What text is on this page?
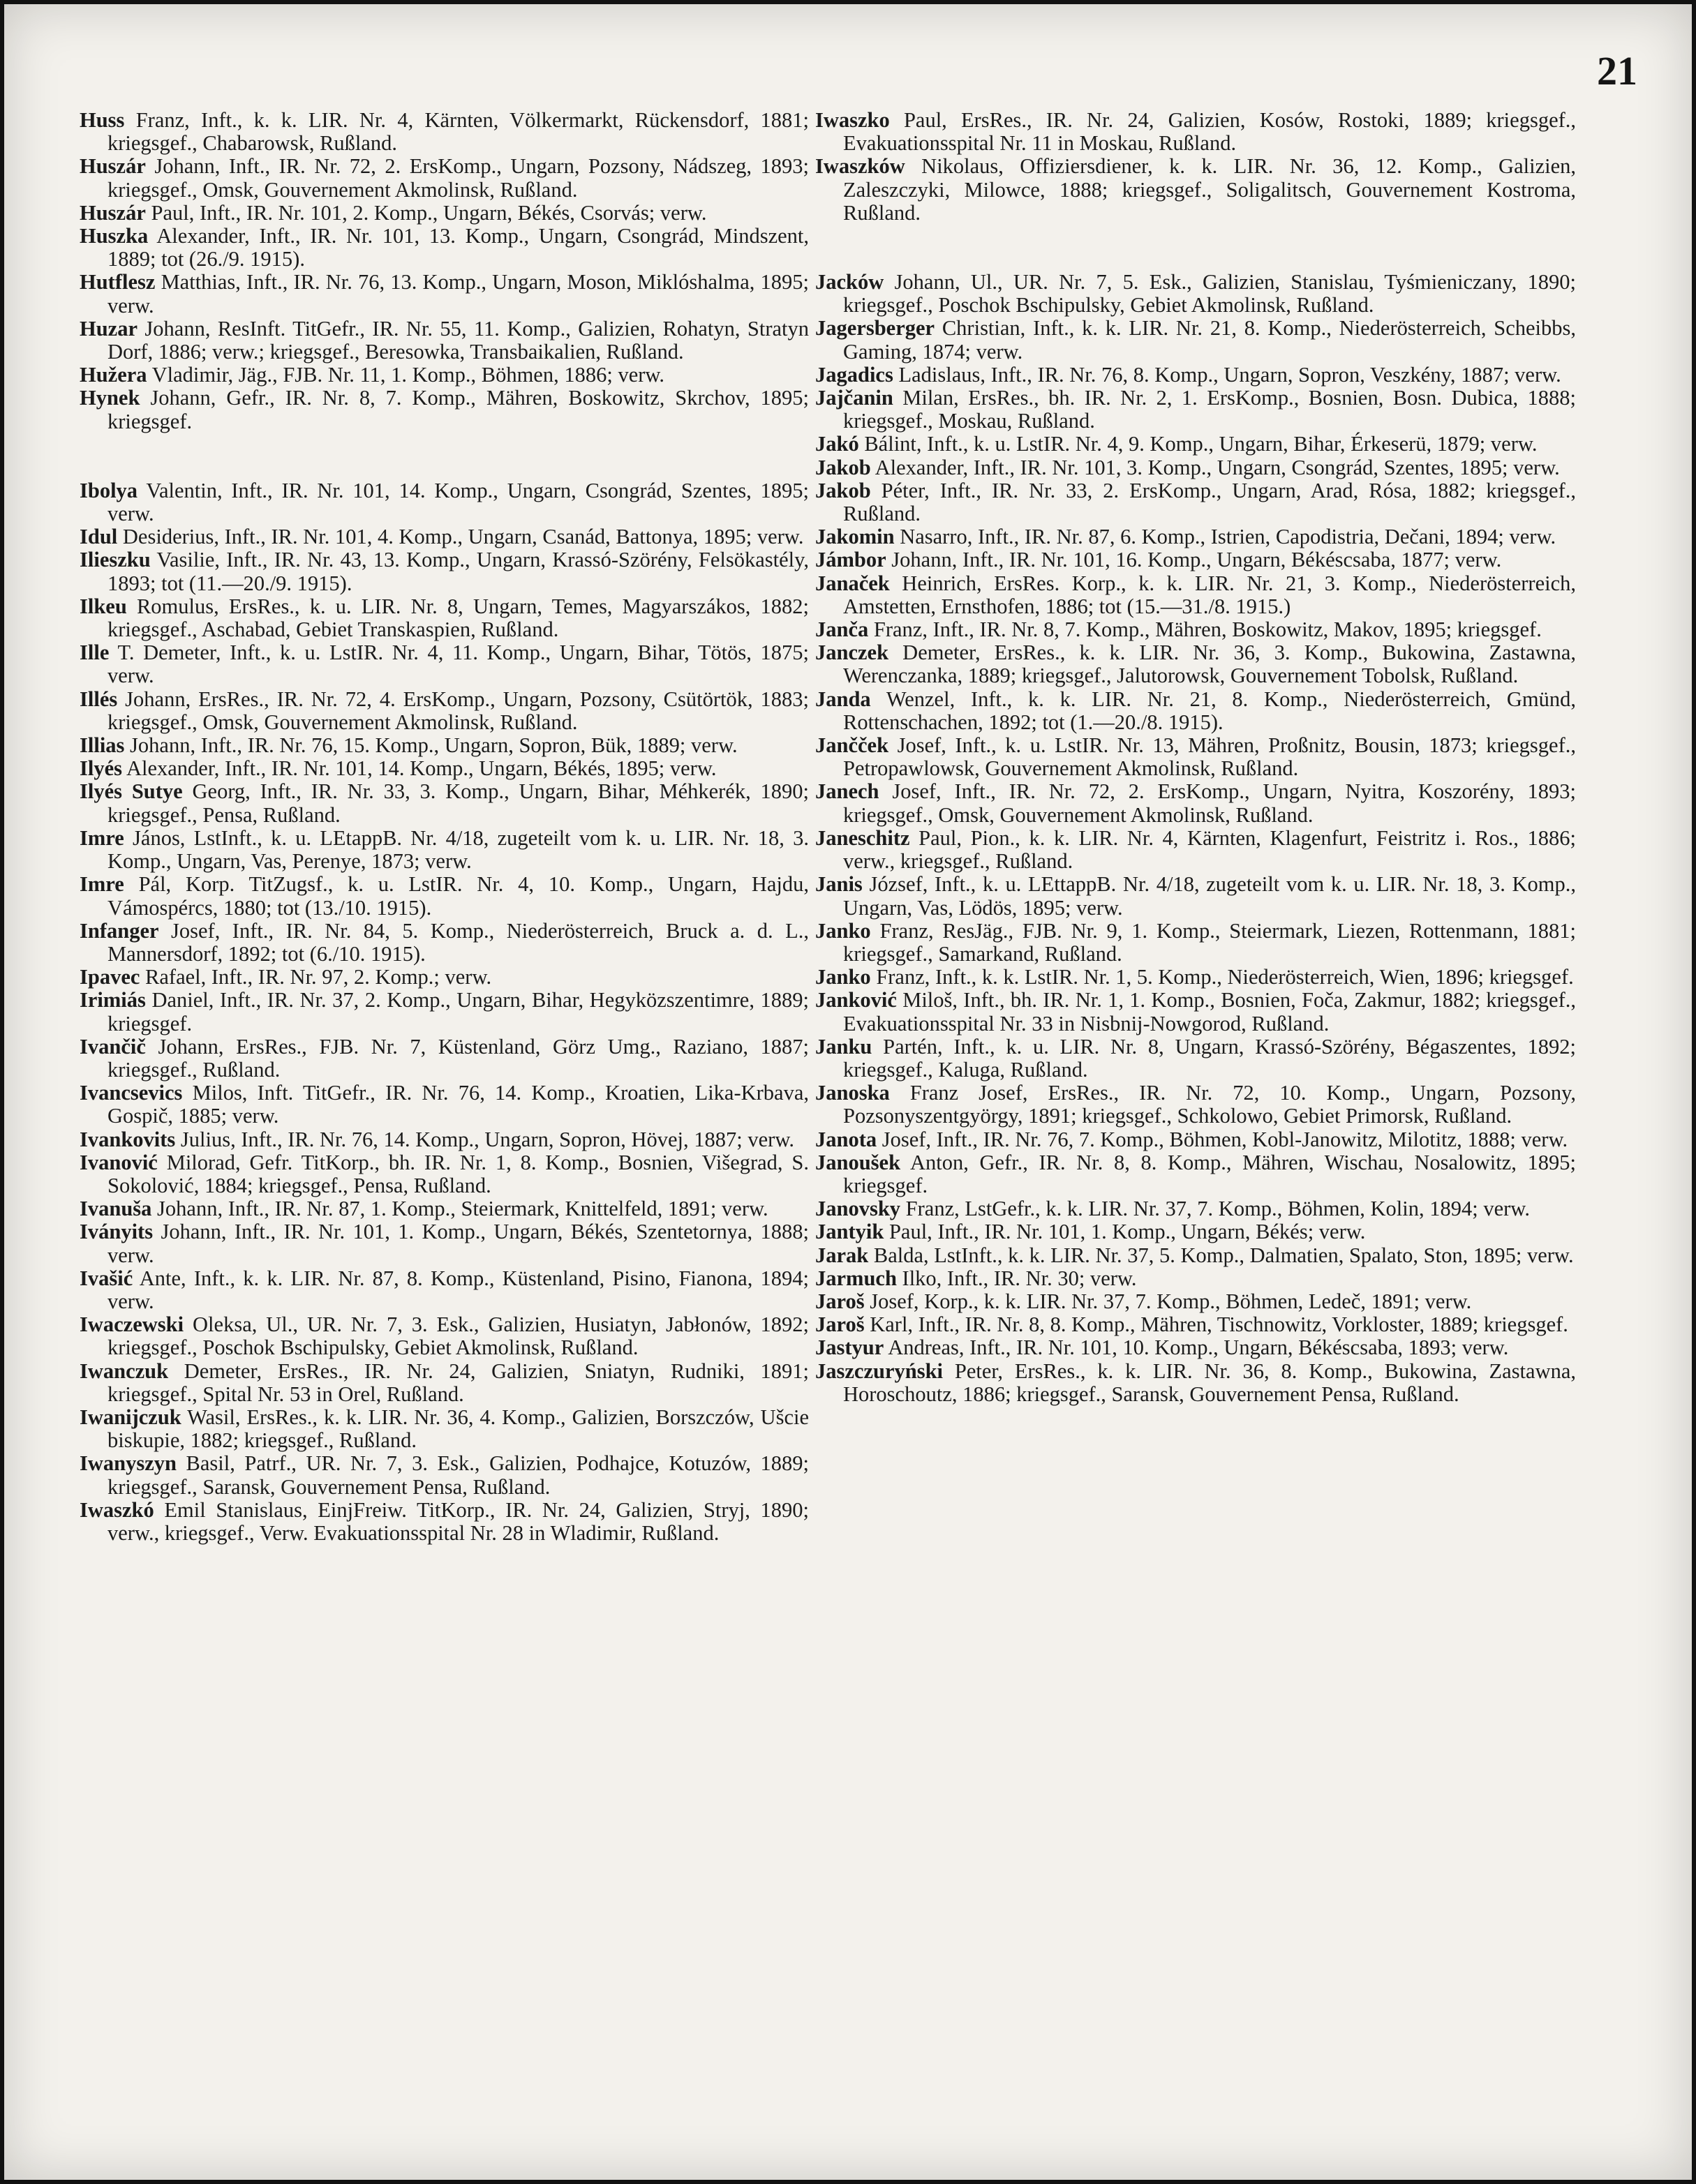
21
Huss Franz, Inft., k. k. LIR. Nr. 4, Kärnten, Völkermarkt, Rückensdorf, 1881; kriegsgef., Chabarowsk, Rußland.
Huszár Johann, Inft., IR. Nr. 72, 2. ErsKomp., Ungarn, Pozsony, Nádszeg, 1893; kriegsgef., Omsk, Gouvernement Akmolinsk, Rußland.
Huszár Paul, Inft., IR. Nr. 101, 2. Komp., Ungarn, Békés, Csorvás; verw.
Huszka Alexander, Inft., IR. Nr. 101, 13. Komp., Ungarn, Csongrád, Mindszent, 1889; tot (26./9. 1915).
Hutflesz Matthias, Inft., IR. Nr. 76, 13. Komp., Ungarn, Moson, Miklóshalma, 1895; verw.
Huzar Johann, ResInft. TitGefr., IR. Nr. 55, 11. Komp., Galizien, Rohatyn, Stratyn Dorf, 1886; verw.; kriegsgef., Beresowka, Transbaikalien, Rußland.
Hužera Vladimir, Jäg., FJB. Nr. 11, 1. Komp., Böhmen, 1886; verw.
Hynek Johann, Gefr., IR. Nr. 8, 7. Komp., Mähren, Boskowitz, Skrchov, 1895; kriegsgef.
Ibolya Valentin, Inft., IR. Nr. 101, 14. Komp., Ungarn, Csongrád, Szentes, 1895; verw.
Idul Desiderius, Inft., IR. Nr. 101, 4. Komp., Ungarn, Csanád, Battonya, 1895; verw.
Ilieszku Vasilie, Inft., IR. Nr. 43, 13. Komp., Ungarn, Krassó-Szörény, Felsökastély, 1893; tot (11.—20./9. 1915).
Ilkeu Romulus, ErsRes., k. u. LIR. Nr. 8, Ungarn, Temes, Magyarszákos, 1882; kriegsgef., Aschabad, Gebiet Transkaspien, Rußland.
Ille T. Demeter, Inft., k. u. LstIR. Nr. 4, 11. Komp., Ungarn, Bihar, Tötös, 1875; verw.
Illés Johann, ErsRes., IR. Nr. 72, 4. ErsKomp., Ungarn, Pozsony, Csütörtök, 1883; kriegsgef., Omsk, Gouvernement Akmolinsk, Rußland.
Illias Johann, Inft., IR. Nr. 76, 15. Komp., Ungarn, Sopron, Bük, 1889; verw.
Ilyés Alexander, Inft., IR. Nr. 101, 14. Komp., Ungarn, Békés, 1895; verw.
Ilyés Sutye Georg, Inft., IR. Nr. 33, 3. Komp., Ungarn, Bihar, Méhkerék, 1890; kriegsgef., Pensa, Rußland.
Imre János, LstInft., k. u. LEtappB. Nr. 4/18, zugeteilt vom k. u. LIR. Nr. 18, 3. Komp., Ungarn, Vas, Perenye, 1873; verw.
Imre Pál, Korp. TitZugsf., k. u. LstIR. Nr. 4, 10. Komp., Ungarn, Hajdu, Vámospércs, 1880; tot (13./10. 1915).
Infanger Josef, Inft., IR. Nr. 84, 5. Komp., Niederösterreich, Bruck a. d. L., Mannersdorf, 1892; tot (6./10. 1915).
Ipavec Rafael, Inft., IR. Nr. 97, 2. Komp.; verw.
Irimiás Daniel, Inft., IR. Nr. 37, 2. Komp., Ungarn, Bihar, Hegyközszentimre, 1889; kriegsgef.
Ivančič Johann, ErsRes., FJB. Nr. 7, Küstenland, Görz Umg., Raziano, 1887; kriegsgef., Rußland.
Ivancsevics Milos, Inft. TitGefr., IR. Nr. 76, 14. Komp., Kroatien, Lika-Krbava, Gospič, 1885; verw.
Ivankovits Julius, Inft., IR. Nr. 76, 14. Komp., Ungarn, Sopron, Hövej, 1887; verw.
Ivanović Milorad, Gefr. TitKorp., bh. IR. Nr. 1, 8. Komp., Bosnien, Višegrad, S. Sokolović, 1884; kriegsgef., Pensa, Rußland.
Ivanuša Johann, Inft., IR. Nr. 87, 1. Komp., Steiermark, Knittelfeld, 1891; verw.
Iványits Johann, Inft., IR. Nr. 101, 1. Komp., Ungarn, Békés, Szentetornya, 1888; verw.
Ivašić Ante, Inft., k. k. LIR. Nr. 87, 8. Komp., Küstenland, Pisino, Fianona, 1894; verw.
Iwaczewski Oleksa, Ul., UR. Nr. 7, 3. Esk., Galizien, Husiatyn, Jabłonów, 1892; kriegsgef., Poschok Bschipulsky, Gebiet Akmolinsk, Rußland.
Iwanczuk Demeter, ErsRes., IR. Nr. 24, Galizien, Sniatyn, Rudniki, 1891; kriegsgef., Spital Nr. 53 in Orel, Rußland.
Iwanijczuk Wasil, ErsRes., k. k. LIR. Nr. 36, 4. Komp., Galizien, Borszczów, Ušcie biskupie, 1882; kriegsgef., Rußland.
Iwanyszyn Basil, Patrf., UR. Nr. 7, 3. Esk., Galizien, Podhajce, Kotuzów, 1889; kriegsgef., Saransk, Gouvernement Pensa, Rußland.
Iwaszkó Emil Stanislaus, EinjFreiw. TitKorp., IR. Nr. 24, Galizien, Stryj, 1890; verw., kriegsgef., Verw. Evakuationsspital Nr. 28 in Wladimir, Rußland.
Iwaszko Paul, ErsRes., IR. Nr. 24, Galizien, Kosów, Rostoki, 1889; kriegsgef., Evakuationsspital Nr. 11 in Moskau, Rußland.
Iwaszków Nikolaus, Offiziersdiener, k. k. LIR. Nr. 36, 12. Komp., Galizien, Zaleszczyki, Milowce, 1888; kriegsgef., Soligalitsch, Gouvernement Kostroma, Rußland.
Jacków Johann, Ul., UR. Nr. 7, 5. Esk., Galizien, Stanislau, Tyśmieniczany, 1890; kriegsgef., Poschok Bschipulsky, Gebiet Akmolinsk, Rußland.
Jagersberger Christian, Inft., k. k. LIR. Nr. 21, 8. Komp., Niederösterreich, Scheibbs, Gaming, 1874; verw.
Jagadics Ladislaus, Inft., IR. Nr. 76, 8. Komp., Ungarn, Sopron, Veszkény, 1887; verw.
Jajčanin Milan, ErsRes., bh. IR. Nr. 2, 1. ErsKomp., Bosnien, Bosn. Dubica, 1888; kriegsgef., Moskau, Rußland.
Jakó Bálint, Inft., k. u. LstIR. Nr. 4, 9. Komp., Ungarn, Bihar, Érkeserü, 1879; verw.
Jakob Alexander, Inft., IR. Nr. 101, 3. Komp., Ungarn, Csongrád, Szentes, 1895; verw.
Jakob Péter, Inft., IR. Nr. 33, 2. ErsKomp., Ungarn, Arad, Rósa, 1882; kriegsgef., Rußland.
Jakomin Nasarro, Inft., IR. Nr. 87, 6. Komp., Istrien, Capodistria, Dečani, 1894; verw.
Jámbor Johann, Inft., IR. Nr. 101, 16. Komp., Ungarn, Békéscsaba, 1877; verw.
Janaček Heinrich, ErsRes. Korp., k. k. LIR. Nr. 21, 3. Komp., Niederösterreich, Amstetten, Ernsthofen, 1886; tot (15.—31./8. 1915.)
Janča Franz, Inft., IR. Nr. 8, 7. Komp., Mähren, Boskowitz, Makov, 1895; kriegsgef.
Janczek Demeter, ErsRes., k. k. LIR. Nr. 36, 3. Komp., Bukowina, Zastawna, Werenczanka, 1889; kriegsgef., Jalutorowsk, Gouvernement Tobolsk, Rußland.
Janda Wenzel, Inft., k. k. LIR. Nr. 21, 8. Komp., Niederösterreich, Gmünd, Rottenschachen, 1892; tot (1.—20./8. 1915).
Jančček Josef, Inft., k. u. LstIR. Nr. 13, Mähren, Proßnitz, Bousin, 1873; kriegsgef., Petropawlowsk, Gouvernement Akmolinsk, Rußland.
Janech Josef, Inft., IR. Nr. 72, 2. ErsKomp., Ungarn, Nyitra, Koszorény, 1893; kriegsgef., Omsk, Gouvernement Akmolinsk, Rußland.
Janeschitz Paul, Pion., k. k. LIR. Nr. 4, Kärnten, Klagenfurt, Feistritz i. Ros., 1886; verw., kriegsgef., Rußland.
Janis József, Inft., k. u. LEttappB. Nr. 4/18, zugeteilt vom k. u. LIR. Nr. 18, 3. Komp., Ungarn, Vas, Lödös, 1895; verw.
Janko Franz, ResJäg., FJB. Nr. 9, 1. Komp., Steiermark, Liezen, Rottenmann, 1881; kriegsgef., Samarkand, Rußland.
Janko Franz, Inft., k. k. LstIR. Nr. 1, 5. Komp., Niederösterreich, Wien, 1896; kriegsgef.
Janković Miloš, Inft., bh. IR. Nr. 1, 1. Komp., Bosnien, Foča, Zakmur, 1882; kriegsgef., Evakuationsspital Nr. 33 in Nisbnij-Nowgorod, Rußland.
Janku Partén, Inft., k. u. LIR. Nr. 8, Ungarn, Krassó-Szörény, Bégaszentes, 1892; kriegsgef., Kaluga, Rußland.
Janoska Franz Josef, ErsRes., IR. Nr. 72, 10. Komp., Ungarn, Pozsony, Pozsonyszentgyörgy, 1891; kriegsgef., Schkolowo, Gebiet Primorsk, Rußland.
Janota Josef, Inft., IR. Nr. 76, 7. Komp., Böhmen, Kobl-Janowitz, Milotitz, 1888; verw.
Janoušek Anton, Gefr., IR. Nr. 8, 8. Komp., Mähren, Wischau, Nosalowitz, 1895; kriegsgef.
Janovsky Franz, LstGefr., k. k. LIR. Nr. 37, 7. Komp., Böhmen, Kolin, 1894; verw.
Jantyik Paul, Inft., IR. Nr. 101, 1. Komp., Ungarn, Békés; verw.
Jarak Balda, LstInft., k. k. LIR. Nr. 37, 5. Komp., Dalmatien, Spalato, Ston, 1895; verw.
Jarmuch Ilko, Inft., IR. Nr. 30; verw.
Jaroš Josef, Korp., k. k. LIR. Nr. 37, 7. Komp., Böhmen, Ledeč, 1891; verw.
Jaroš Karl, Inft., IR. Nr. 8, 8. Komp., Mähren, Tischnowitz, Vorkloster, 1889; kriegsgef.
Jastyur Andreas, Inft., IR. Nr. 101, 10. Komp., Ungarn, Békéscsaba, 1893; verw.
Jaszczuryński Peter, ErsRes., k. k. LIR. Nr. 36, 8. Komp., Bukowina, Zastawna, Horoschoutz, 1886; kriegsgef., Saransk, Gouvernement Pensa, Rußland.
